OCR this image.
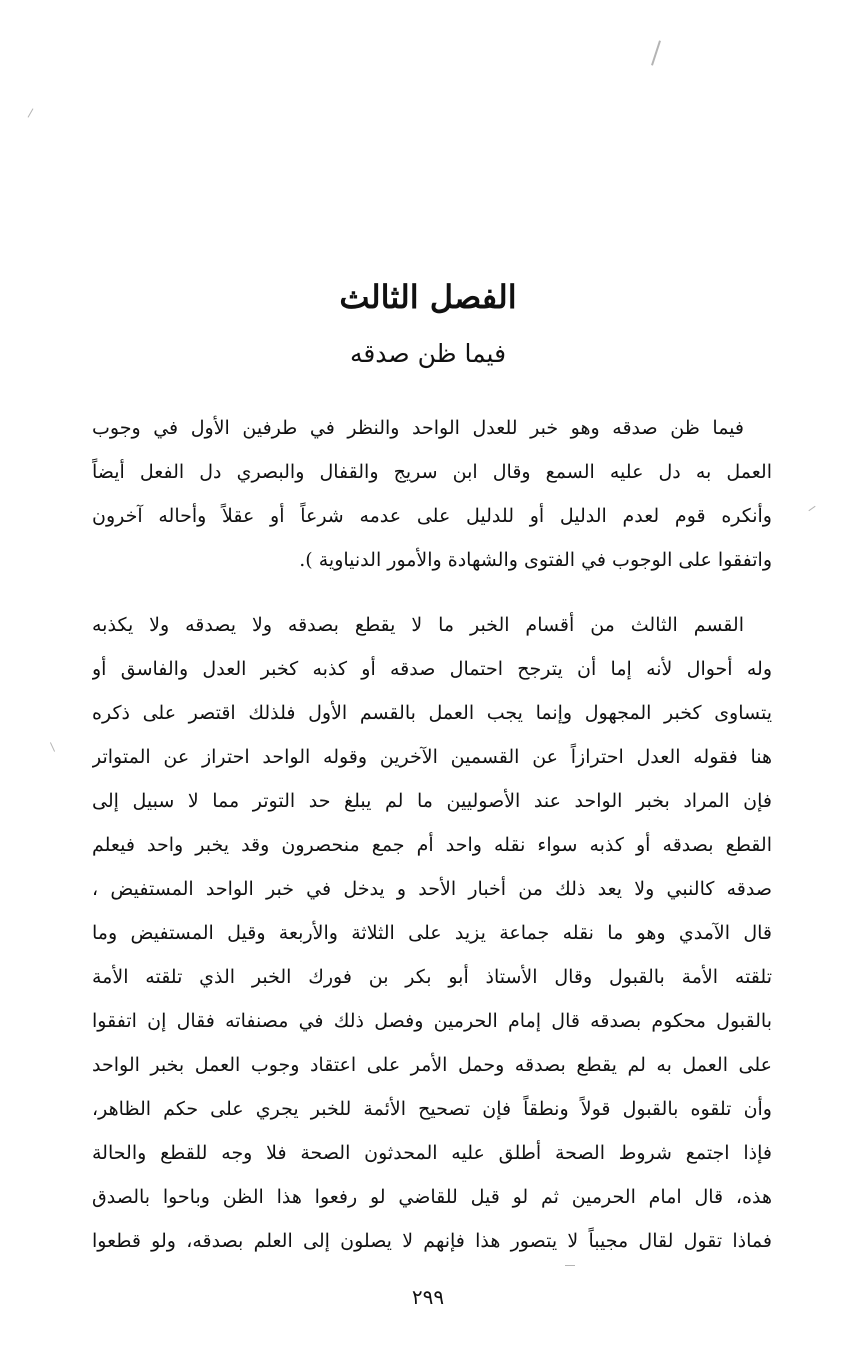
الفصل الثالث
فيما ظن صدقه
فيما ظن صدقه وهو خبر للعدل الواحد والنظر في طرفين الأول في وجوب
العمل به دل عليه السمع وقال ابن سريج والقفال والبصري دل الفعل أيضاً
وأنكره قوم لعدم الدليل أو للدليل على عدمه شرعاً أو عقلاً وأحاله آخرون
واتفقوا على الوجوب في الفتوى والشهادة والأمور الدنياوية ).
القسم الثالث من أقسام الخبر ما لا يقطع بصدقه ولا يصدقه ولا يكذبه
وله أحوال لأنه إما أن يترجح احتمال صدقه أو كذبه كخبر العدل والفاسق أو
يتساوى كخبر المجهول وإنما يجب العمل بالقسم الأول فلذلك اقتصر على ذكره
هنا فقوله العدل احترازاً عن القسمين الآخرين وقوله الواحد احتراز عن المتواتر
فإن المراد بخبر الواحد عند الأصوليين ما لم يبلغ حد التوتر مما لا سبيل إلى
القطع بصدقه أو كذبه سواء نقله واحد أم جمع منحصرون وقد يخبر واحد فيعلم
صدقه كالنبي ولا يعد ذلك من أخبار الأحد و يدخل في خبر الواحد المستفيض ،
قال الآمدي وهو ما نقله جماعة يزيد على الثلاثة والأربعة وقيل المستفيض وما
تلقته الأمة بالقبول وقال الأستاذ أبو بكر بن فورك الخبر الذي تلقته الأمة
بالقبول محكوم بصدقه قال إمام الحرمين وفصل ذلك في مصنفاته فقال إن اتفقوا
على العمل به لم يقطع بصدقه وحمل الأمر على اعتقاد وجوب العمل بخبر الواحد
وأن تلقوه بالقبول قولاً ونطقاً فإن تصحيح الأئمة للخبر يجري على حكم الظاهر،
فإذا اجتمع شروط الصحة أطلق عليه المحدثون الصحة فلا وجه للقطع والحالة
هذه، قال امام الحرمين ثم لو قيل للقاضي لو رفعوا هذا الظن وباحوا بالصدق
فماذا تقول لقال مجيباً لا يتصور هذا فإنهم لا يصلون إلى العلم بصدقه، ولو قطعوا
٢٩٩
